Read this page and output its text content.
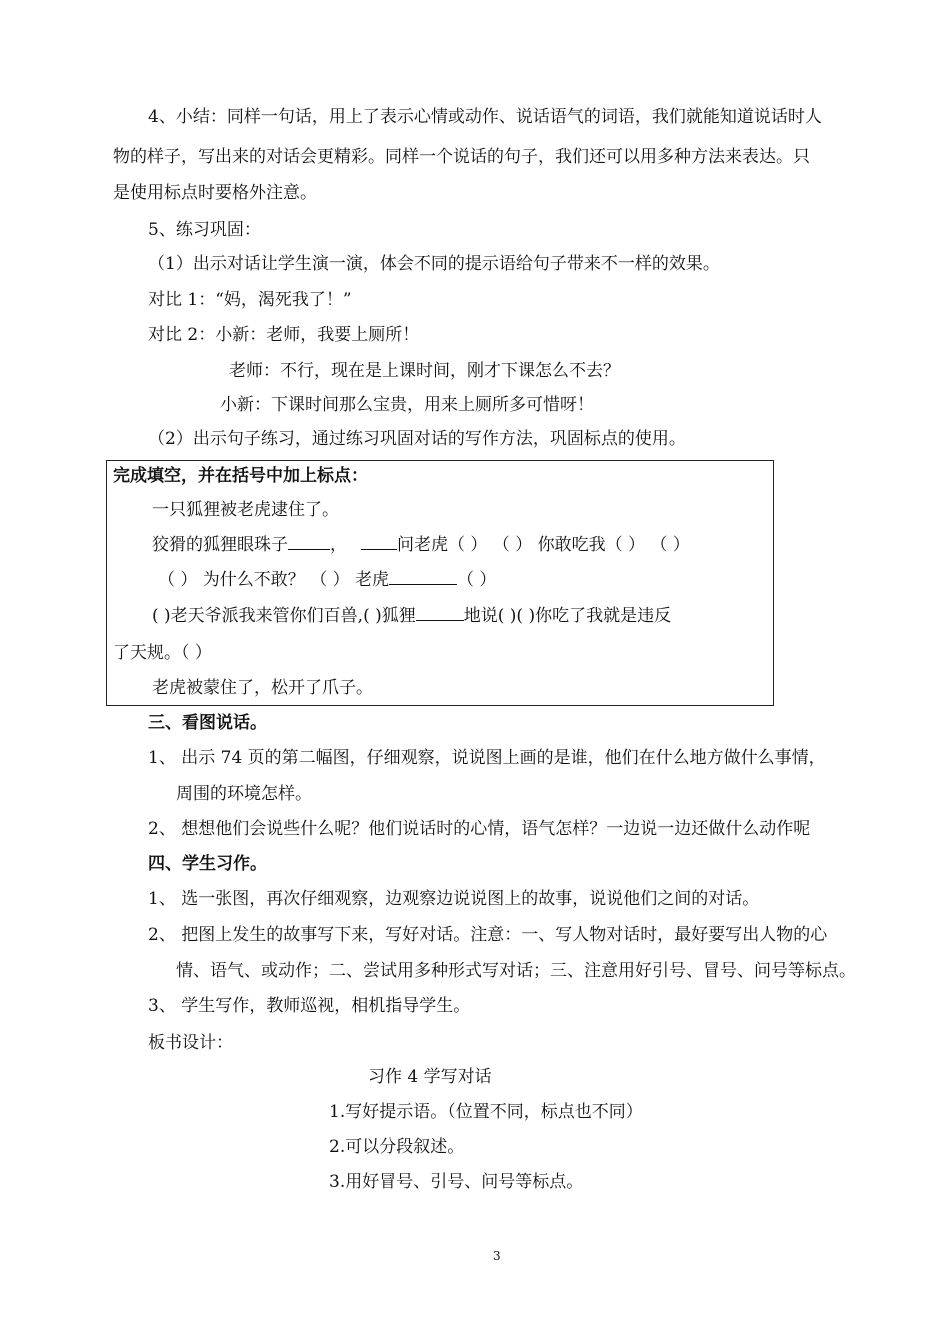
4、小结：同样一句话，用上了表示心情或动作、说话语气的词语，我们就能知道说话时人
物的样子，写出来的对话会更精彩。同样一个说话的句子，我们还可以用多种方法来表达。只
是使用标点时要格外注意。
5、练习巩固：
（1）出示对话让学生演一演，体会不同的提示语给句子带来不一样的效果。
对比 1：“妈，渴死我了！”
对比 2：小新：老师，我要上厕所！
老师：不行，现在是上课时间，刚才下课怎么不去？
小新：下课时间那么宝贵，用来上厕所多可惜呀！
（2）出示句子练习，通过练习巩固对话的写作方法，巩固标点的使用。
完成填空，并在括号中加上标点：
一只狐狸被老虎逮住了。
狡猾的狐狸眼珠子 ，	问老虎（ ） （ ） 你敢吃我（ ） （ ）
（ ） 为什么不敢？ （ ） 老虎	（ ）
( )老天爷派我来管你们百兽,( )狐狸	地说( )( )你吃了我就是违反
了天规。（ ）
老虎被蒙住了，松开了爪子。
三、看图说话。
1、 出示 74 页的第二幅图，仔细观察，说说图上画的是谁，他们在什么地方做什么事情，
周围的环境怎样。
2、 想想他们会说些什么呢？他们说话时的心情，语气怎样？一边说一边还做什么动作呢
四、学生习作。
1、 选一张图，再次仔细观察，边观察边说说图上的故事，说说他们之间的对话。
2、 把图上发生的故事写下来，写好对话。注意：一、写人物对话时，最好要写出人物的心
情、语气、或动作；二、尝试用多种形式写对话；三、注意用好引号、冒号、问号等标点。
3、 学生写作，教师巡视，相机指导学生。
板书设计：
习作 4 学写对话
1.写好提示语。（位置不同，标点也不同）
2.可以分段叙述。
3.用好冒号、引号、问号等标点。
3
